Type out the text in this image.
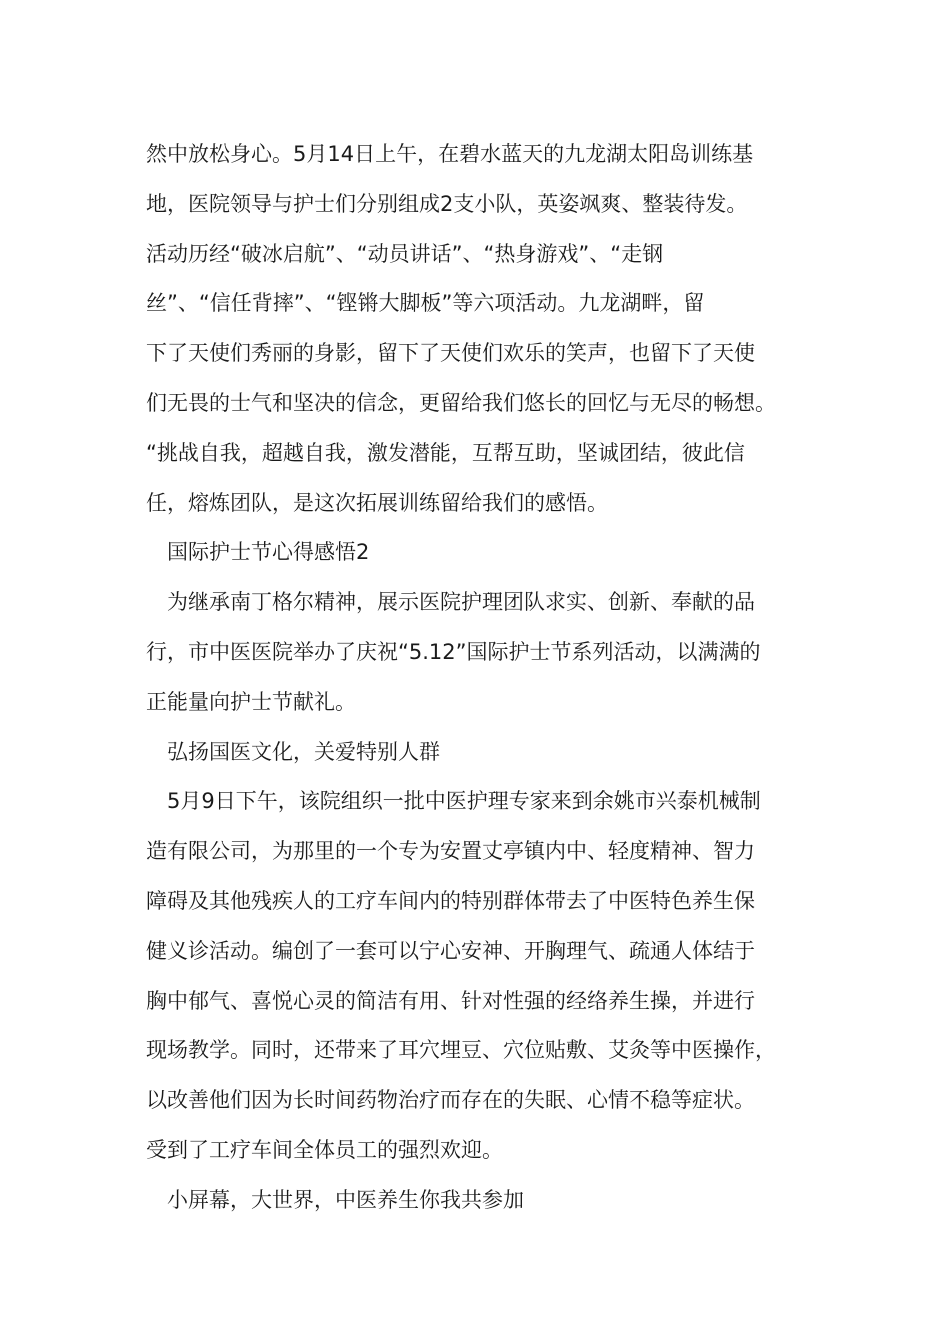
然中放松身心。5月14日上午，在碧水蓝天的九龙湖太阳岛训练基
地，医院领导与护士们分别组成2支小队，英姿飒爽、整装待发。
活动历经“破冰启航”、“动员讲话”、“热身游戏”、“走钢
丝”、“信任背摔”、“铿锵大脚板”等六项活动。九龙湖畔，留
下了天使们秀丽的身影，留下了天使们欢乐的笑声，也留下了天使
们无畏的士气和坚决的信念，更留给我们悠长的回忆与无尽的畅想。
“挑战自我，超越自我，激发潜能，互帮互助，坚诚团结，彼此信
任，熔炼团队，是这次拓展训练留给我们的感悟。
国际护士节心得感悟2
为继承南丁格尔精神，展示医院护理团队求实、创新、奉献的品
行，市中医医院举办了庆祝“5.12”国际护士节系列活动，以满满的
正能量向护士节献礼。
弘扬国医文化，关爱特别人群
5月9日下午，该院组织一批中医护理专家来到余姚市兴泰机械制
造有限公司，为那里的一个专为安置丈亭镇内中、轻度精神、智力
障碍及其他残疾人的工疗车间内的特别群体带去了中医特色养生保
健义诊活动。编创了一套可以宁心安神、开胸理气、疏通人体结于
胸中郁气、喜悦心灵的简洁有用、针对性强的经络养生操，并进行
现场教学。同时，还带来了耳穴埋豆、穴位贴敷、艾灸等中医操作，
以改善他们因为长时间药物治疗而存在的失眠、心情不稳等症状。
受到了工疗车间全体员工的强烈欢迎。
小屏幕，大世界，中医养生你我共参加
